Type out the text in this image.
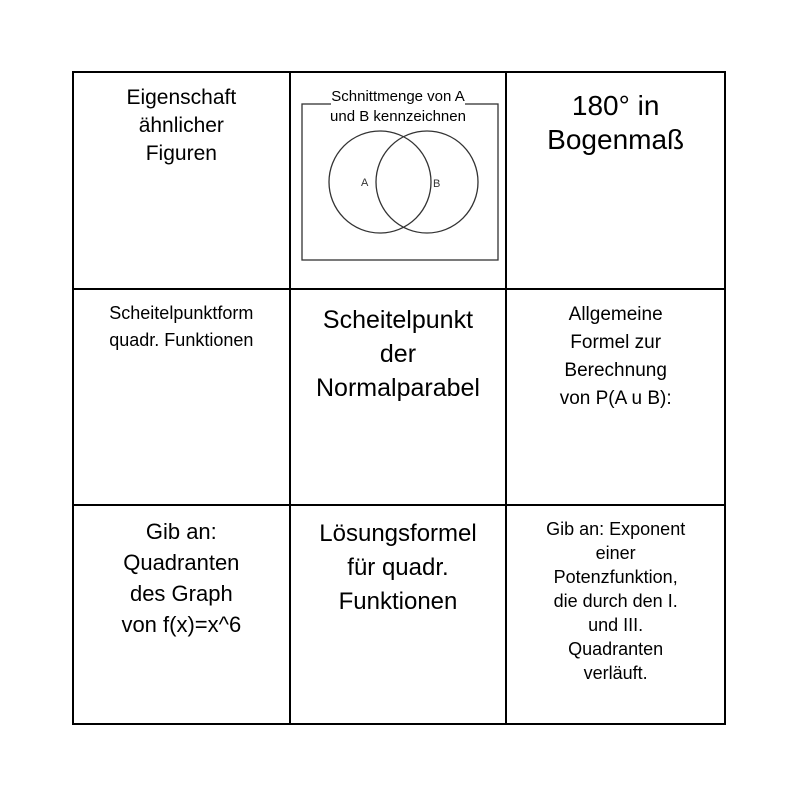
Eigenschaft
ähnlicher
Figuren
A	B
Schnittmenge von A
und B kennzeichnen	180° in
Bogenmaß
Scheitelpunktform
quadr. Funktionen
Scheitelpunkt
der
Normalparabel
Allgemeine
Formel zur
Berechnung
von P(A u B):
Gib an:
Quadranten
des Graph
von f(x)=x^6
Lösungsformel
für quadr.
Funktionen
Gib an: Exponent
einer
Potenzfunktion,
die durch den I.
und III.
Quadranten
verläuft.
